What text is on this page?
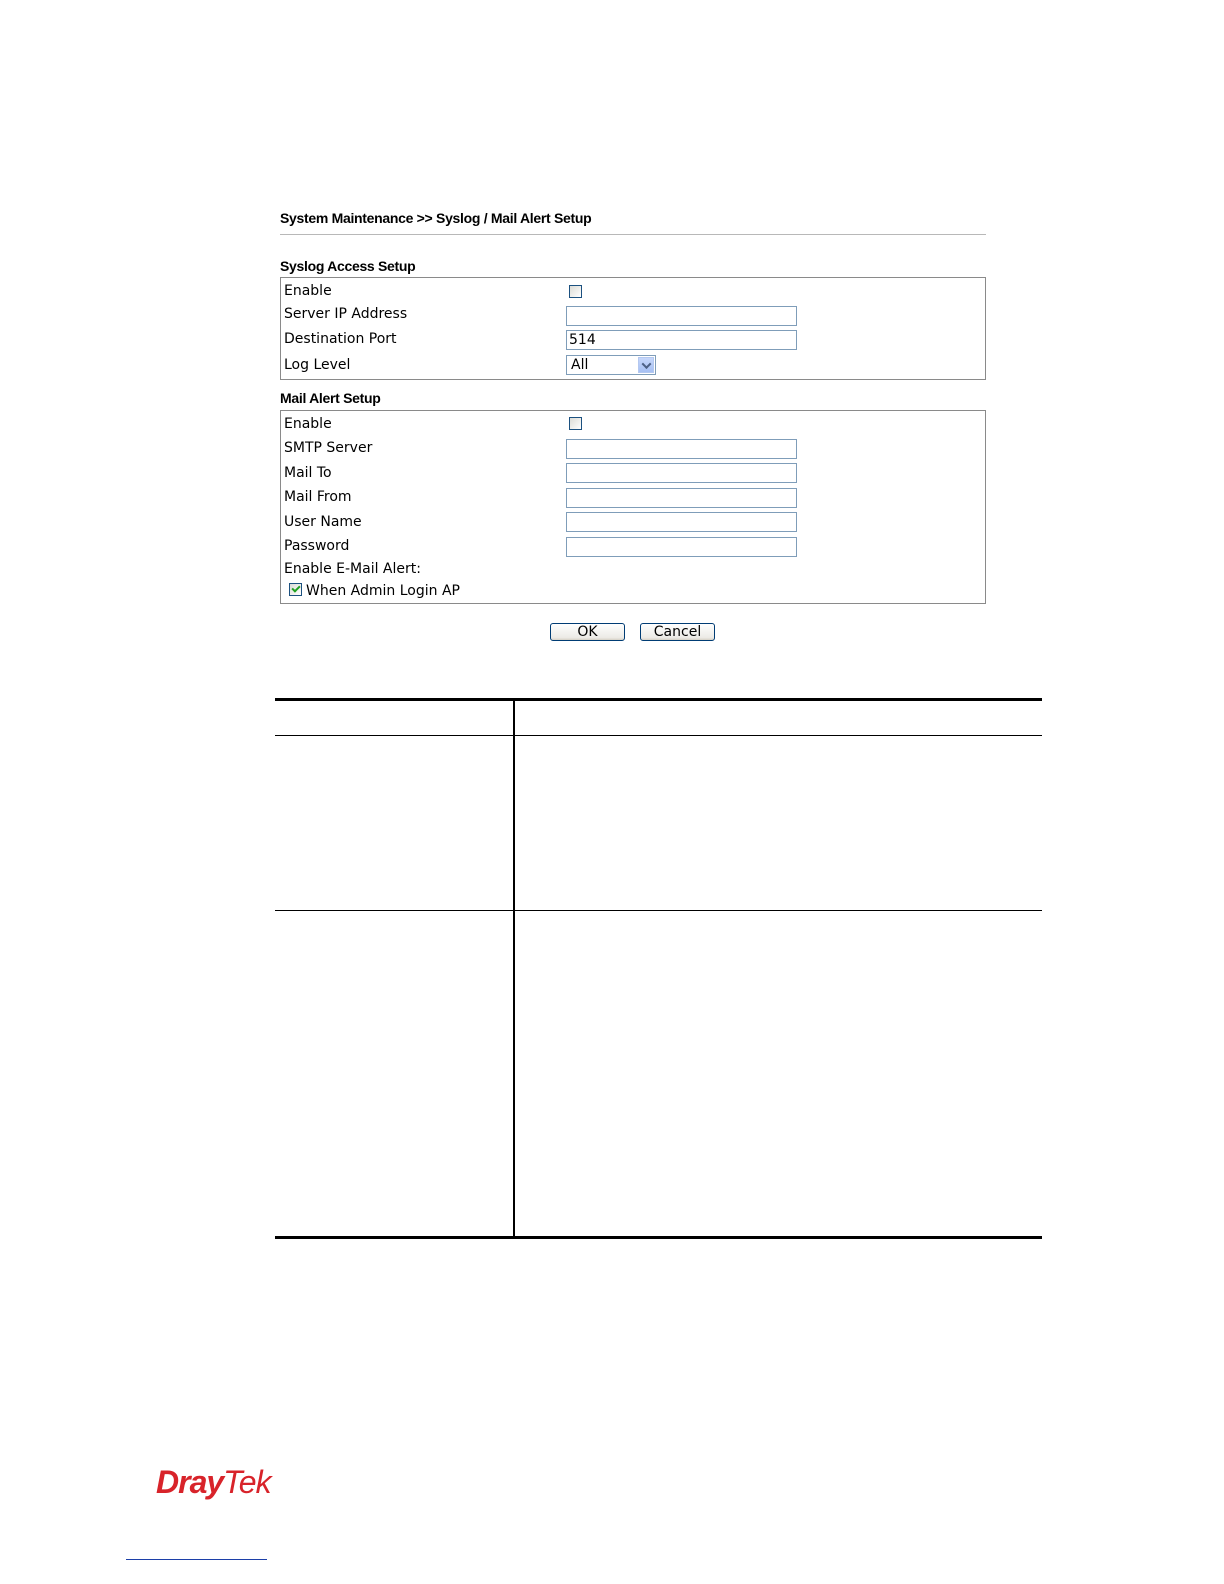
System Maintenance >> Syslog / Mail Alert Setup
Syslog Access Setup
Enable
Server IP Address
Destination Port
514
Log Level	All
Mail Alert Setup
Enable
SMTP Server
Mail To
Mail From
User Name
Password
Enable E-Mail Alert:
When Admin Login AP
OK	Cancel
DrayTek
